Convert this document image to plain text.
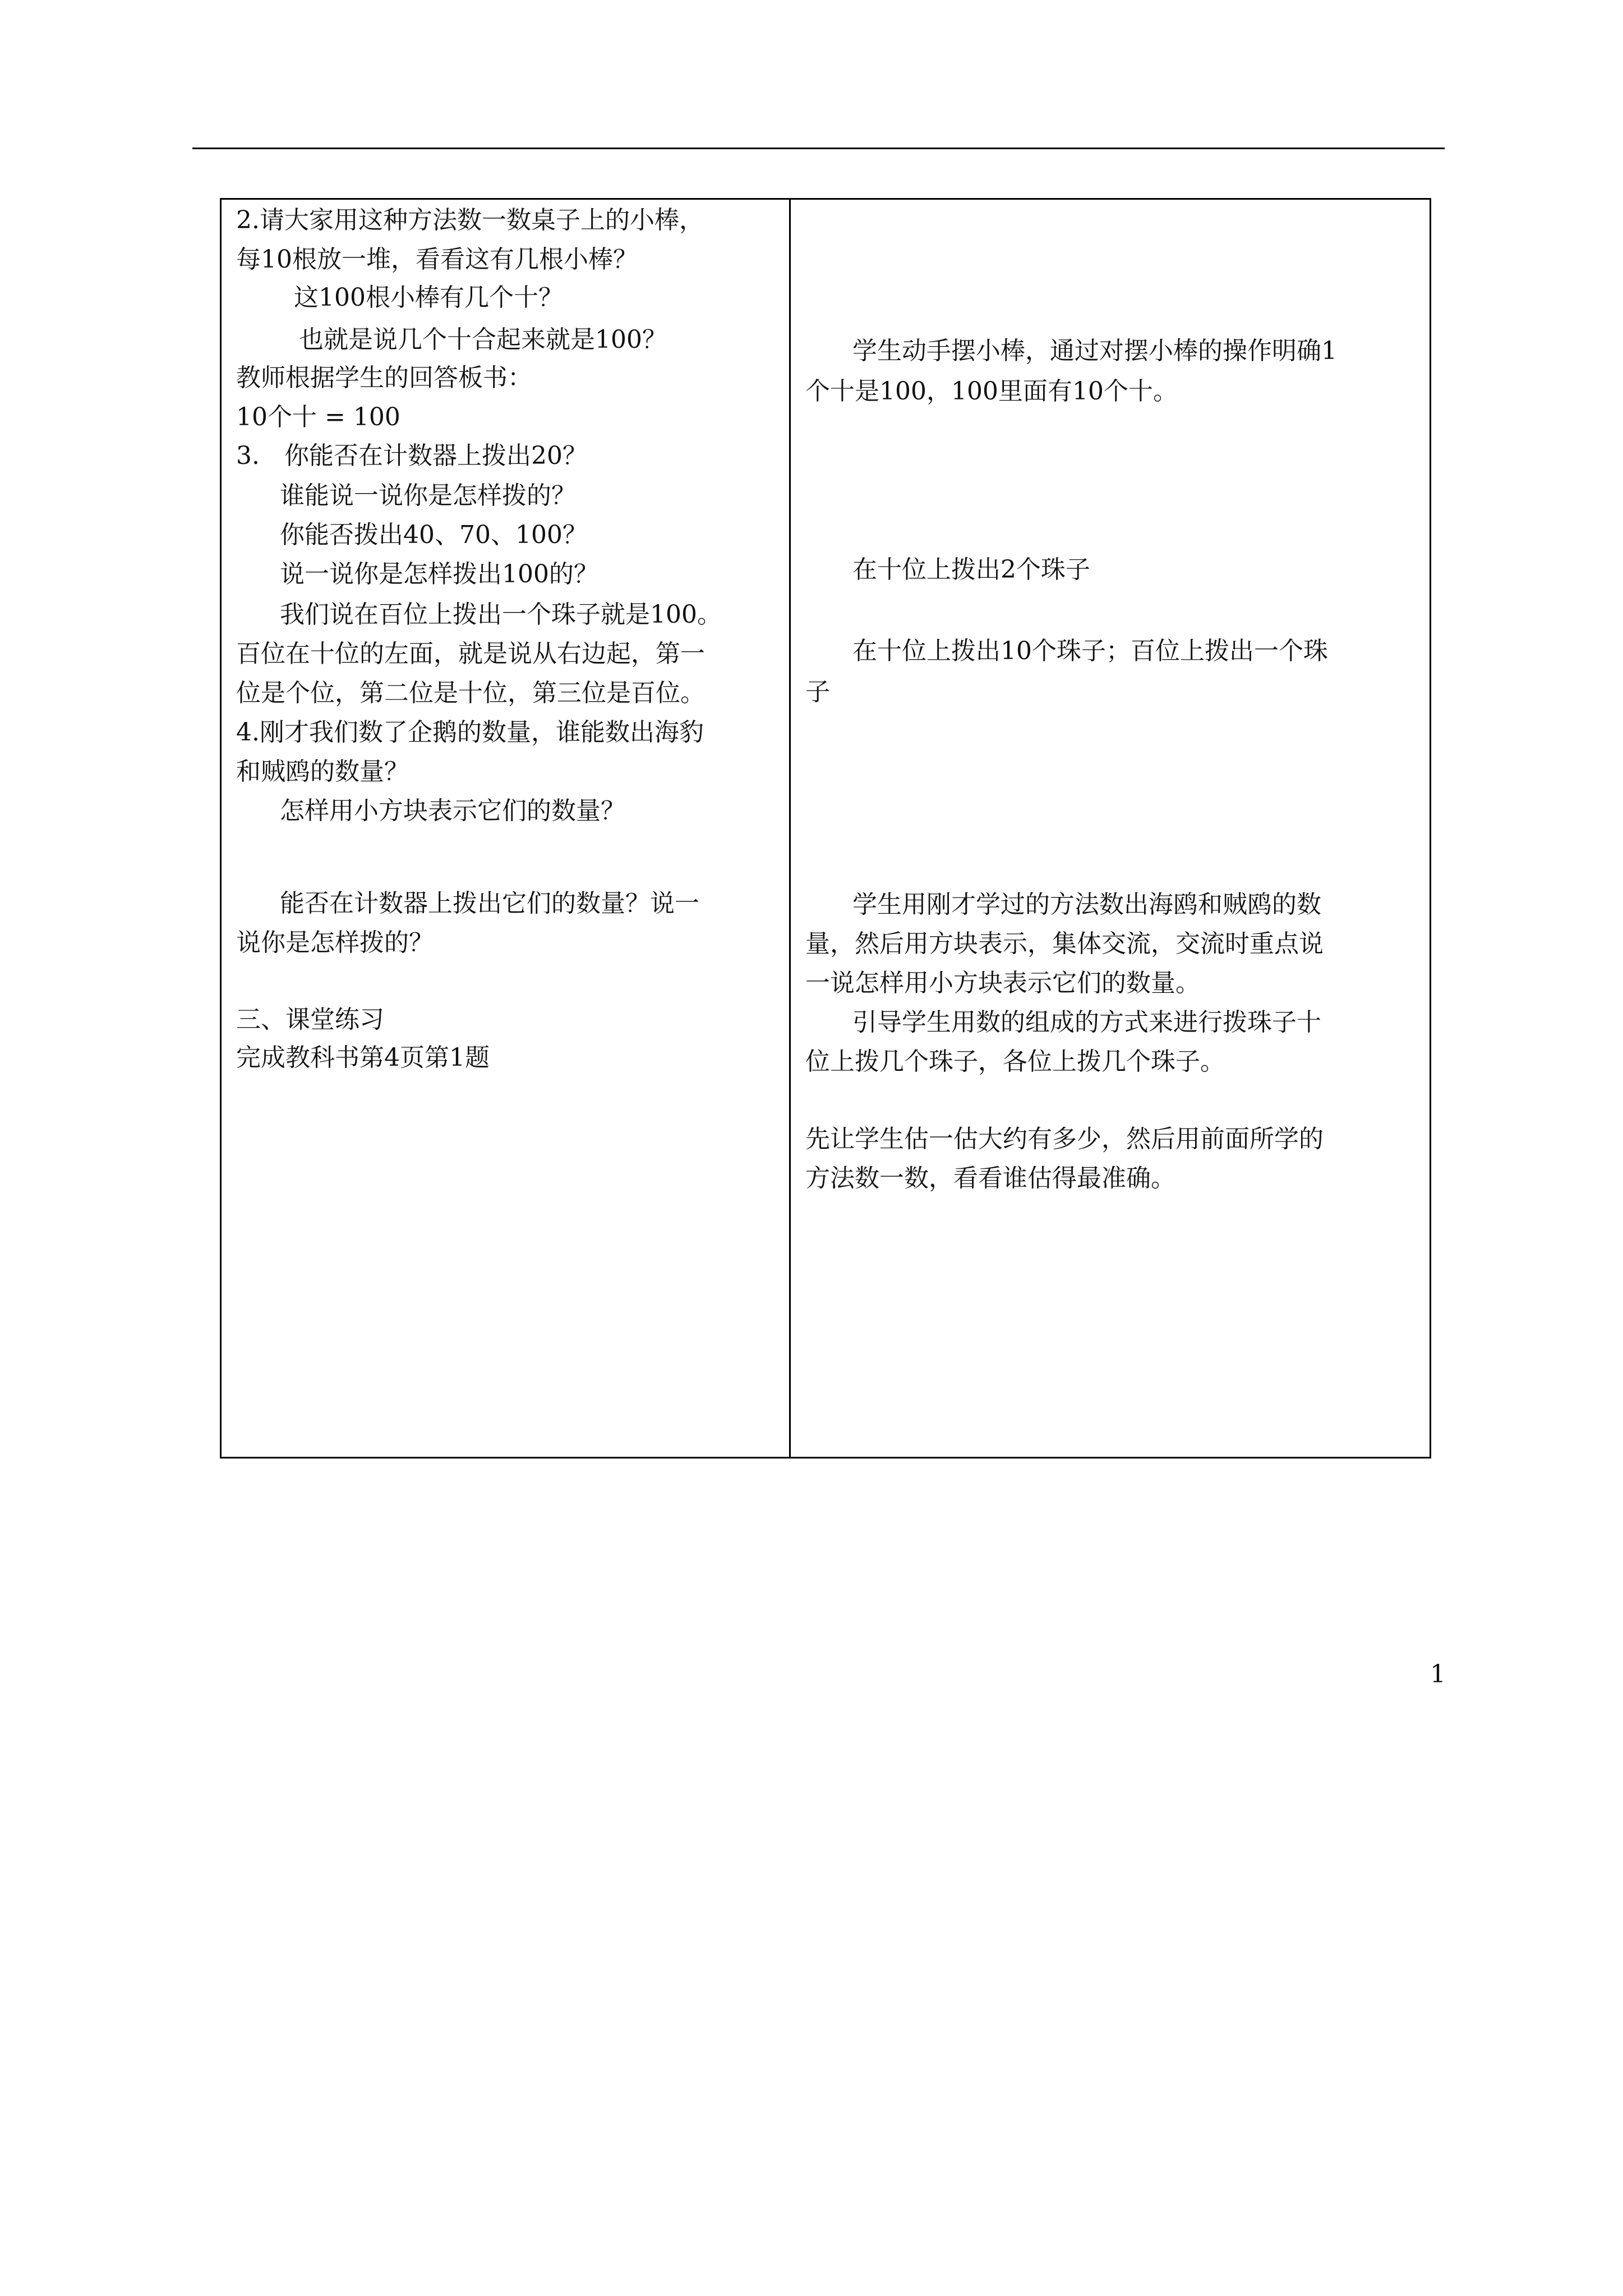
2.请大家用这种方法数一数桌子上的小棒，
每10根放一堆，看看这有几根小棒？
这100根小棒有几个十？
也就是说几个十合起来就是100？
教师根据学生的回答板书：
10个十 = 100
3.　你能否在计数器上拨出20？
谁能说一说你是怎样拨的？
你能否拨出40、70、100？
说一说你是怎样拨出100的？
我们说在百位上拨出一个珠子就是100。
百位在十位的左面，就是说从右边起，第一
位是个位，第二位是十位，第三位是百位。
4.刚才我们数了企鹅的数量，谁能数出海豹
和贼鸥的数量？
怎样用小方块表示它们的数量？
能否在计数器上拨出它们的数量？说一
说你是怎样拨的？
三、课堂练习
完成教科书第4页第1题
学生动手摆小棒，通过对摆小棒的操作明确1
个十是100，100里面有10个十。
在十位上拨出2个珠子
在十位上拨出10个珠子；百位上拨出一个珠
子
学生用刚才学过的方法数出海鸥和贼鸥的数
量，然后用方块表示，集体交流，交流时重点说
一说怎样用小方块表示它们的数量。
引导学生用数的组成的方式来进行拨珠子十
位上拨几个珠子，各位上拨几个珠子。
先让学生估一估大约有多少，然后用前面所学的
方法数一数，看看谁估得最准确。
1
